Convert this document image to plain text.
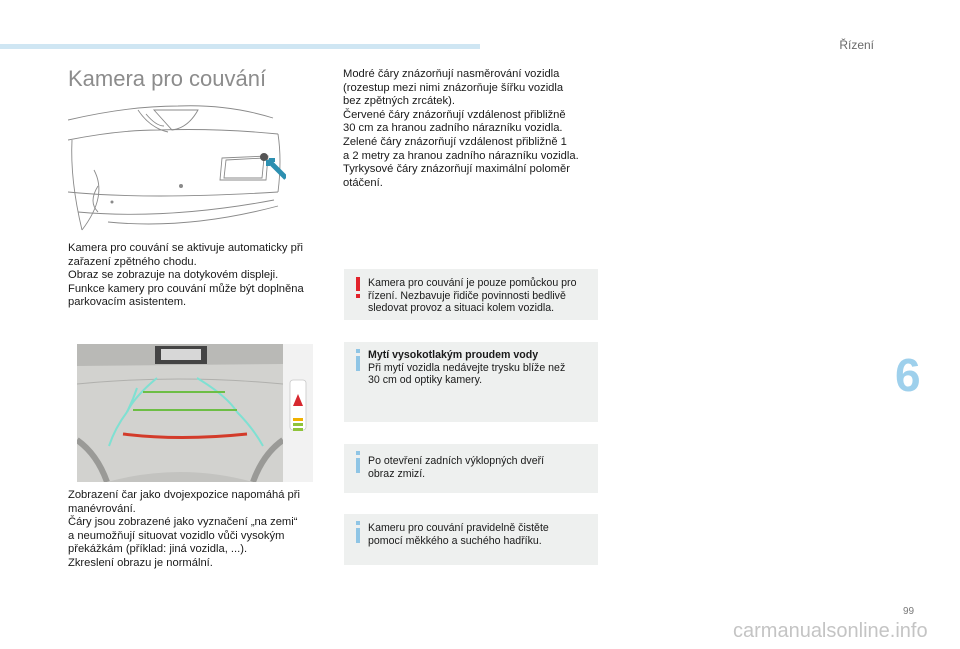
Řízení
Kamera pro couvání

Kamera pro couvání se aktivuje automaticky při
zařazení zpětného chodu.
Obraz se zobrazuje na dotykovém displeji.
Funkce kamery pro couvání může být doplněna
parkovacím asistentem.

Modré čáry znázorňují nasměrování vozidla
(rozestup mezi nimi znázorňuje šířku vozidla
bez zpětných zrcátek).
Červené čáry znázorňují vzdálenost přibližně
30 cm za hranou zadního nárazníku vozidla.
Zelené čáry znázorňují vzdálenost přibližně 1
a 2 metry za hranou zadního nárazníku vozidla.
Tyrkysové čáry znázorňují maximální poloměr
otáčení.

Zobrazení čar jako dvojexpozice napomáhá při
manévrování.
Čáry jsou zobrazené jako vyznačení „na zemi“
a neumožňují situovat vozidlo vůči vysokým
překážkám (příklad: jiná vozidla, ...).
Zkreslení obrazu je normální.

Kamera pro couvání je pouze pomůckou pro
řízení. Nezbavuje řidiče povinnosti bedlivě
sledovat provoz a situaci kolem vozidla.
Mytí vysokotlakým proudem vody
Při mytí vozidla nedávejte trysku blíže než
30 cm od optiky kamery.
Po otevření zadních výklopných dveří
obraz zmizí.
Kameru pro couvání pravidelně čistěte
pomocí měkkého a suchého hadříku.
6
99
carmanualsonline.info
